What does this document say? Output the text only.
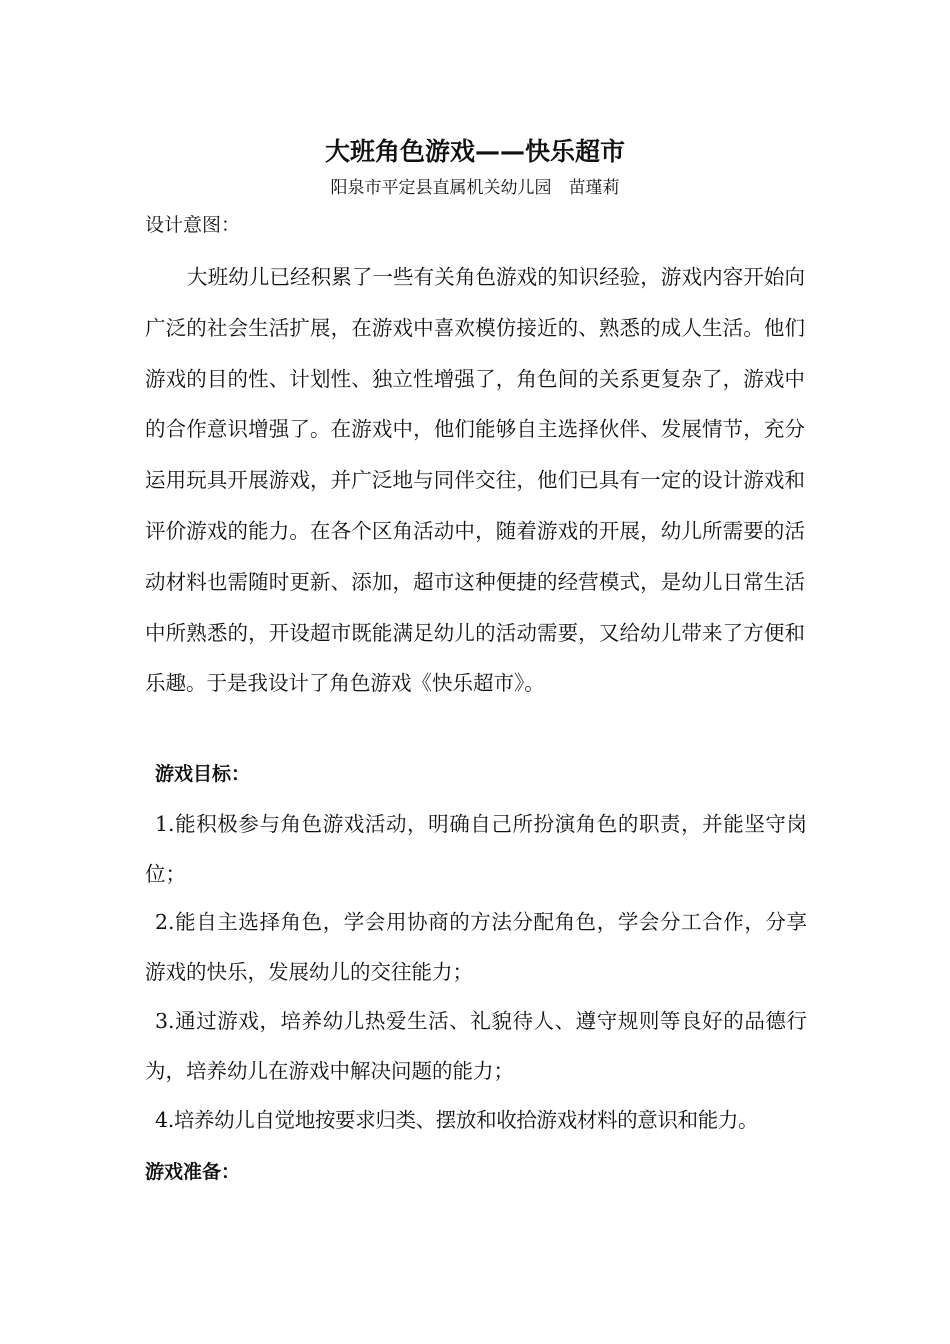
大班角色游戏——快乐超市
阳泉市平定县直属机关幼儿园　苗瑾莉
设计意图：

大班幼儿已经积累了一些有关角色游戏的知识经验，游戏内容开始向广泛的社会生活扩展，在游戏中喜欢模仿接近的、熟悉的成人生活。他们游戏的目的性、计划性、独立性增强了，角色间的关系更复杂了，游戏中的合作意识增强了。在游戏中，他们能够自主选择伙伴、发展情节，充分运用玩具开展游戏，并广泛地与同伴交往，他们已具有一定的设计游戏和评价游戏的能力。在各个区角活动中，随着游戏的开展，幼儿所需要的活动材料也需随时更新、添加，超市这种便捷的经营模式，是幼儿日常生活中所熟悉的，开设超市既能满足幼儿的活动需要，又给幼儿带来了方便和乐趣。于是我设计了角色游戏《快乐超市》。

游戏目标：

1.能积极参与角色游戏活动，明确自己所扮演角色的职责，并能坚守岗位；

2.能自主选择角色，学会用协商的方法分配角色，学会分工合作，分享游戏的快乐，发展幼儿的交往能力；

3.通过游戏，培养幼儿热爱生活、礼貌待人、遵守规则等良好的品德行为，培养幼儿在游戏中解决问题的能力；

4.培养幼儿自觉地按要求归类、摆放和收拾游戏材料的意识和能力。

游戏准备：
